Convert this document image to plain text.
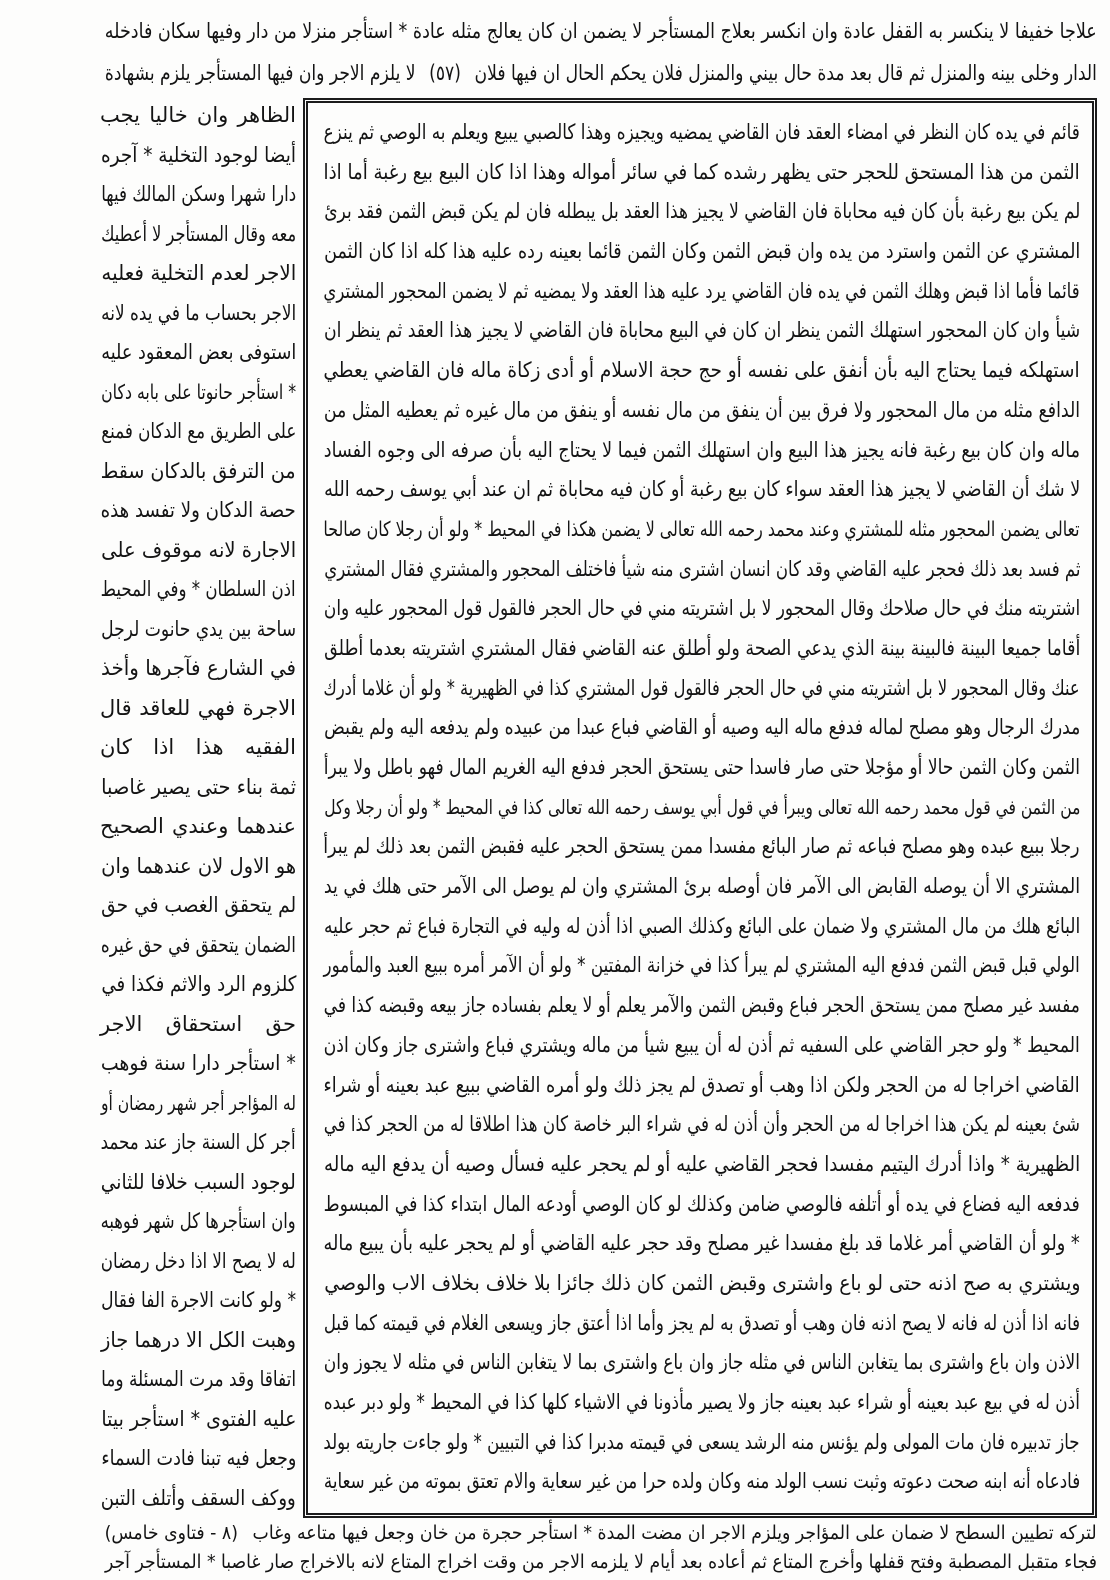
علاجا خفيفا لا ينكسر به القفل عادة وان انكسر بعلاج المستأجر لا يضمن ان كان يعالج مثله عادة * استأجر منزلا من دار وفيها سكان فادخله
الدار وخلى بينه والمنزل ثم قال بعد مدة حال بيني والمنزل فلان يحكم الحال ان فيها فلان (٥٧) لا يلزم الاجر وان فيها المستأجر يلزم بشهادة
قائم في يده كان النظر في امضاء العقد فان القاضي يمضيه ويجيزه وهذا كالصبي يبيع ويعلم به الوصي ثم ينزع
الثمن من هذا المستحق للحجر حتى يظهر رشده كما في سائر أمواله وهذا اذا كان البيع بيع رغبة أما اذا
لم يكن بيع رغبة بأن كان فيه محاباة فان القاضي لا يجيز هذا العقد بل يبطله فان لم يكن قبض الثمن فقد برئ
المشتري عن الثمن واسترد من يده وان قبض الثمن وكان الثمن قائما بعينه رده عليه هذا كله اذا كان الثمن
قائما فأما اذا قبض وهلك الثمن في يده فان القاضي يرد عليه هذا العقد ولا يمضيه ثم لا يضمن المحجور المشتري
شيأ وان كان المحجور استهلك الثمن ينظر ان كان في البيع محاباة فان القاضي لا يجيز هذا العقد ثم ينظر ان
استهلكه فيما يحتاج اليه بأن أنفق على نفسه أو حج حجة الاسلام أو أدى زكاة ماله فان القاضي يعطي
الدافع مثله من مال المحجور ولا فرق بين أن ينفق من مال نفسه أو ينفق من مال غيره ثم يعطيه المثل من
ماله وان كان بيع رغبة فانه يجيز هذا البيع وان استهلك الثمن فيما لا يحتاج اليه بأن صرفه الى وجوه الفساد
لا شك أن القاضي لا يجيز هذا العقد سواء كان بيع رغبة أو كان فيه محاباة ثم ان عند أبي يوسف رحمه الله
تعالى يضمن المحجور مثله للمشتري وعند محمد رحمه الله تعالى لا يضمن هكذا في المحيط * ولو أن رجلا كان صالحا
ثم فسد بعد ذلك فحجر عليه القاضي وقد كان انسان اشترى منه شيأ فاختلف المحجور والمشتري فقال المشتري
اشتريته منك في حال صلاحك وقال المحجور لا بل اشتريته مني في حال الحجر فالقول قول المحجور عليه وان
أقاما جميعا البينة فالبينة بينة الذي يدعي الصحة ولو أطلق عنه القاضي فقال المشتري اشتريته بعدما أطلق
عنك وقال المحجور لا بل اشتريته مني في حال الحجر فالقول قول المشتري كذا في الظهيرية * ولو أن غلاما أدرك
مدرك الرجال وهو مصلح لماله فدفع ماله اليه وصيه أو القاضي فباع عبدا من عبيده ولم يدفعه اليه ولم يقبض
الثمن وكان الثمن حالا أو مؤجلا حتى صار فاسدا حتى يستحق الحجر فدفع اليه الغريم المال فهو باطل ولا يبرأ
من الثمن في قول محمد رحمه الله تعالى ويبرأ في قول أبي يوسف رحمه الله تعالى كذا في المحيط * ولو أن رجلا وكل
رجلا ببيع عبده وهو مصلح فباعه ثم صار البائع مفسدا ممن يستحق الحجر عليه فقبض الثمن بعد ذلك لم يبرأ
المشتري الا أن يوصله القابض الى الآمر فان أوصله برئ المشتري وان لم يوصل الى الآمر حتى هلك في يد
البائع هلك من مال المشتري ولا ضمان على البائع وكذلك الصبي اذا أذن له وليه في التجارة فباع ثم حجر عليه
الولي قبل قبض الثمن فدفع اليه المشتري لم يبرأ كذا في خزانة المفتين * ولو أن الآمر أمره ببيع العبد والمأمور
مفسد غير مصلح ممن يستحق الحجر فباع وقبض الثمن والآمر يعلم أو لا يعلم بفساده جاز بيعه وقبضه كذا في
المحيط * ولو حجر القاضي على السفيه ثم أذن له أن يبيع شيأ من ماله ويشتري فباع واشترى جاز وكان اذن
القاضي اخراجا له من الحجر ولكن اذا وهب أو تصدق لم يجز ذلك ولو أمره القاضي ببيع عبد بعينه أو شراء
شئ بعينه لم يكن هذا اخراجا له من الحجر وأن أذن له في شراء البر خاصة كان هذا اطلاقا له من الحجر كذا في
الظهيرية * واذا أدرك اليتيم مفسدا فحجر القاضي عليه أو لم يحجر عليه فسأل وصيه أن يدفع اليه ماله
فدفعه اليه فضاع في يده أو أتلفه فالوصي ضامن وكذلك لو كان الوصي أودعه المال ابتداء كذا في المبسوط
* ولو أن القاضي أمر غلاما قد بلغ مفسدا غير مصلح وقد حجر عليه القاضي أو لم يحجر عليه بأن يبيع ماله
ويشتري به صح اذنه حتى لو باع واشترى وقبض الثمن كان ذلك جائزا بلا خلاف بخلاف الاب والوصي
فانه اذا أذن له فانه لا يصح اذنه فان وهب أو تصدق به لم يجز وأما اذا أعتق جاز ويسعى الغلام في قيمته كما قبل
الاذن وان باع واشترى بما يتغابن الناس في مثله جاز وان باع واشترى بما لا يتغابن الناس في مثله لا يجوز وان
أذن له في بيع عبد بعينه أو شراء عبد بعينه جاز ولا يصير مأذونا في الاشياء كلها كذا في المحيط * ولو دبر عبده
جاز تدبيره فان مات المولى ولم يؤنس منه الرشد يسعى في قيمته مدبرا كذا في التبيين * ولو جاءت جاريته بولد
فادعاه أنه ابنه صحت دعوته وثبت نسب الولد منه وكان ولده حرا من غير سعاية والام تعتق بموته من غير سعاية
الظاهر وان خاليا يجب
أيضا لوجود التخلية * آجره
دارا شهرا وسكن المالك فيها
معه وقال المستأجر لا أعطيك
الاجر لعدم التخلية فعليه
الاجر بحساب ما في يده لانه
استوفى بعض المعقود عليه
* استأجر حانوتا على بابه دكان
على الطريق مع الدكان فمنع
من الترفق بالدكان سقط
حصة الدكان ولا تفسد هذه
الاجارة لانه موقوف على
اذن السلطان * وفي المحيط
ساحة بين يدي حانوت لرجل
في الشارع فآجرها وأخذ
الاجرة فهي للعاقد قال
الفقيه هذا اذا كان
ثمة بناء حتى يصير غاصبا
عندهما وعندي الصحيح
هو الاول لان عندهما وان
لم يتحقق الغصب في حق
الضمان يتحقق في حق غيره
كلزوم الرد والاثم فكذا في
حق استحقاق الاجر
* استأجر دارا سنة فوهب
له المؤاجر أجر شهر رمضان أو
أجر كل السنة جاز عند محمد
لوجود السبب خلافا للثاني
وان استأجرها كل شهر فوهبه
له لا يصح الا اذا دخل رمضان
* ولو كانت الاجرة الفا فقال
وهبت الكل الا درهما جاز
اتفاقا وقد مرت المسئلة وما
عليه الفتوى * استأجر بيتا
وجعل فيه تبنا فادت السماء
ووكف السقف وأتلف التبن
لتركه تطيين السطح لا ضمان على المؤاجر ويلزم الاجر ان مضت المدة * استأجر حجرة من خان وجعل فيها متاعه وغاب (٨ - فتاوى خامس)
فجاء متقبل المصطبة وفتح قفلها وأخرج المتاع ثم أعاده بعد أيام لا يلزمه الاجر من وقت اخراج المتاع لانه بالاخراج صار غاصبا * المستأجر آجر
